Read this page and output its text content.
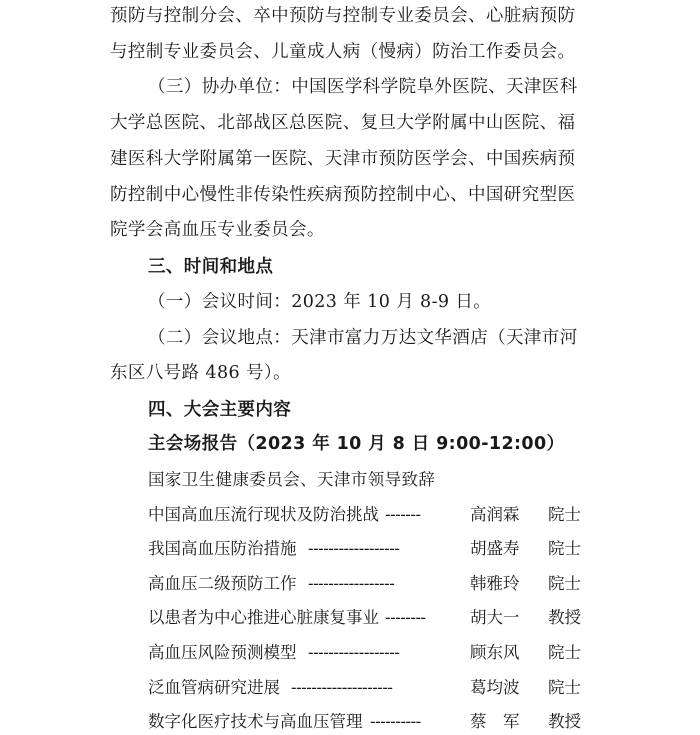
预防与控制分会、卒中预防与控制专业委员会、心脏病预防
与控制专业委员会、儿童成人病（慢病）防治工作委员会。
（三）协办单位：中国医学科学院阜外医院、天津医科
大学总医院、北部战区总医院、复旦大学附属中山医院、福
建医科大学附属第一医院、天津市预防医学会、中国疾病预
防控制中心慢性非传染性疾病预防控制中心、中国研究型医
院学会高血压专业委员会。
三、时间和地点
（一）会议时间：2023 年 10 月 8-9 日。
（二）会议地点：天津市富力万达文华酒店（天津市河
东区八号路 486 号）。
四、大会主要内容
主会场报告（2023 年 10 月 8 日 9:00-12:00）
国家卫生健康委员会、天津市领导致辞
中国高血压流行现状及防治挑战 -------	高润霖 院士
我国高血压防治措施 ------------------	胡盛寿 院士
高血压二级预防工作 -----------------	韩雅玲 院士
以患者为中心推进心脏康复事业 --------	胡大一 教授
高血压风险预测模型 ------------------	顾东风 院士
泛血管病研究进展 --------------------	葛均波 院士
数字化医疗技术与高血压管理 ----------	蔡　军 教授
